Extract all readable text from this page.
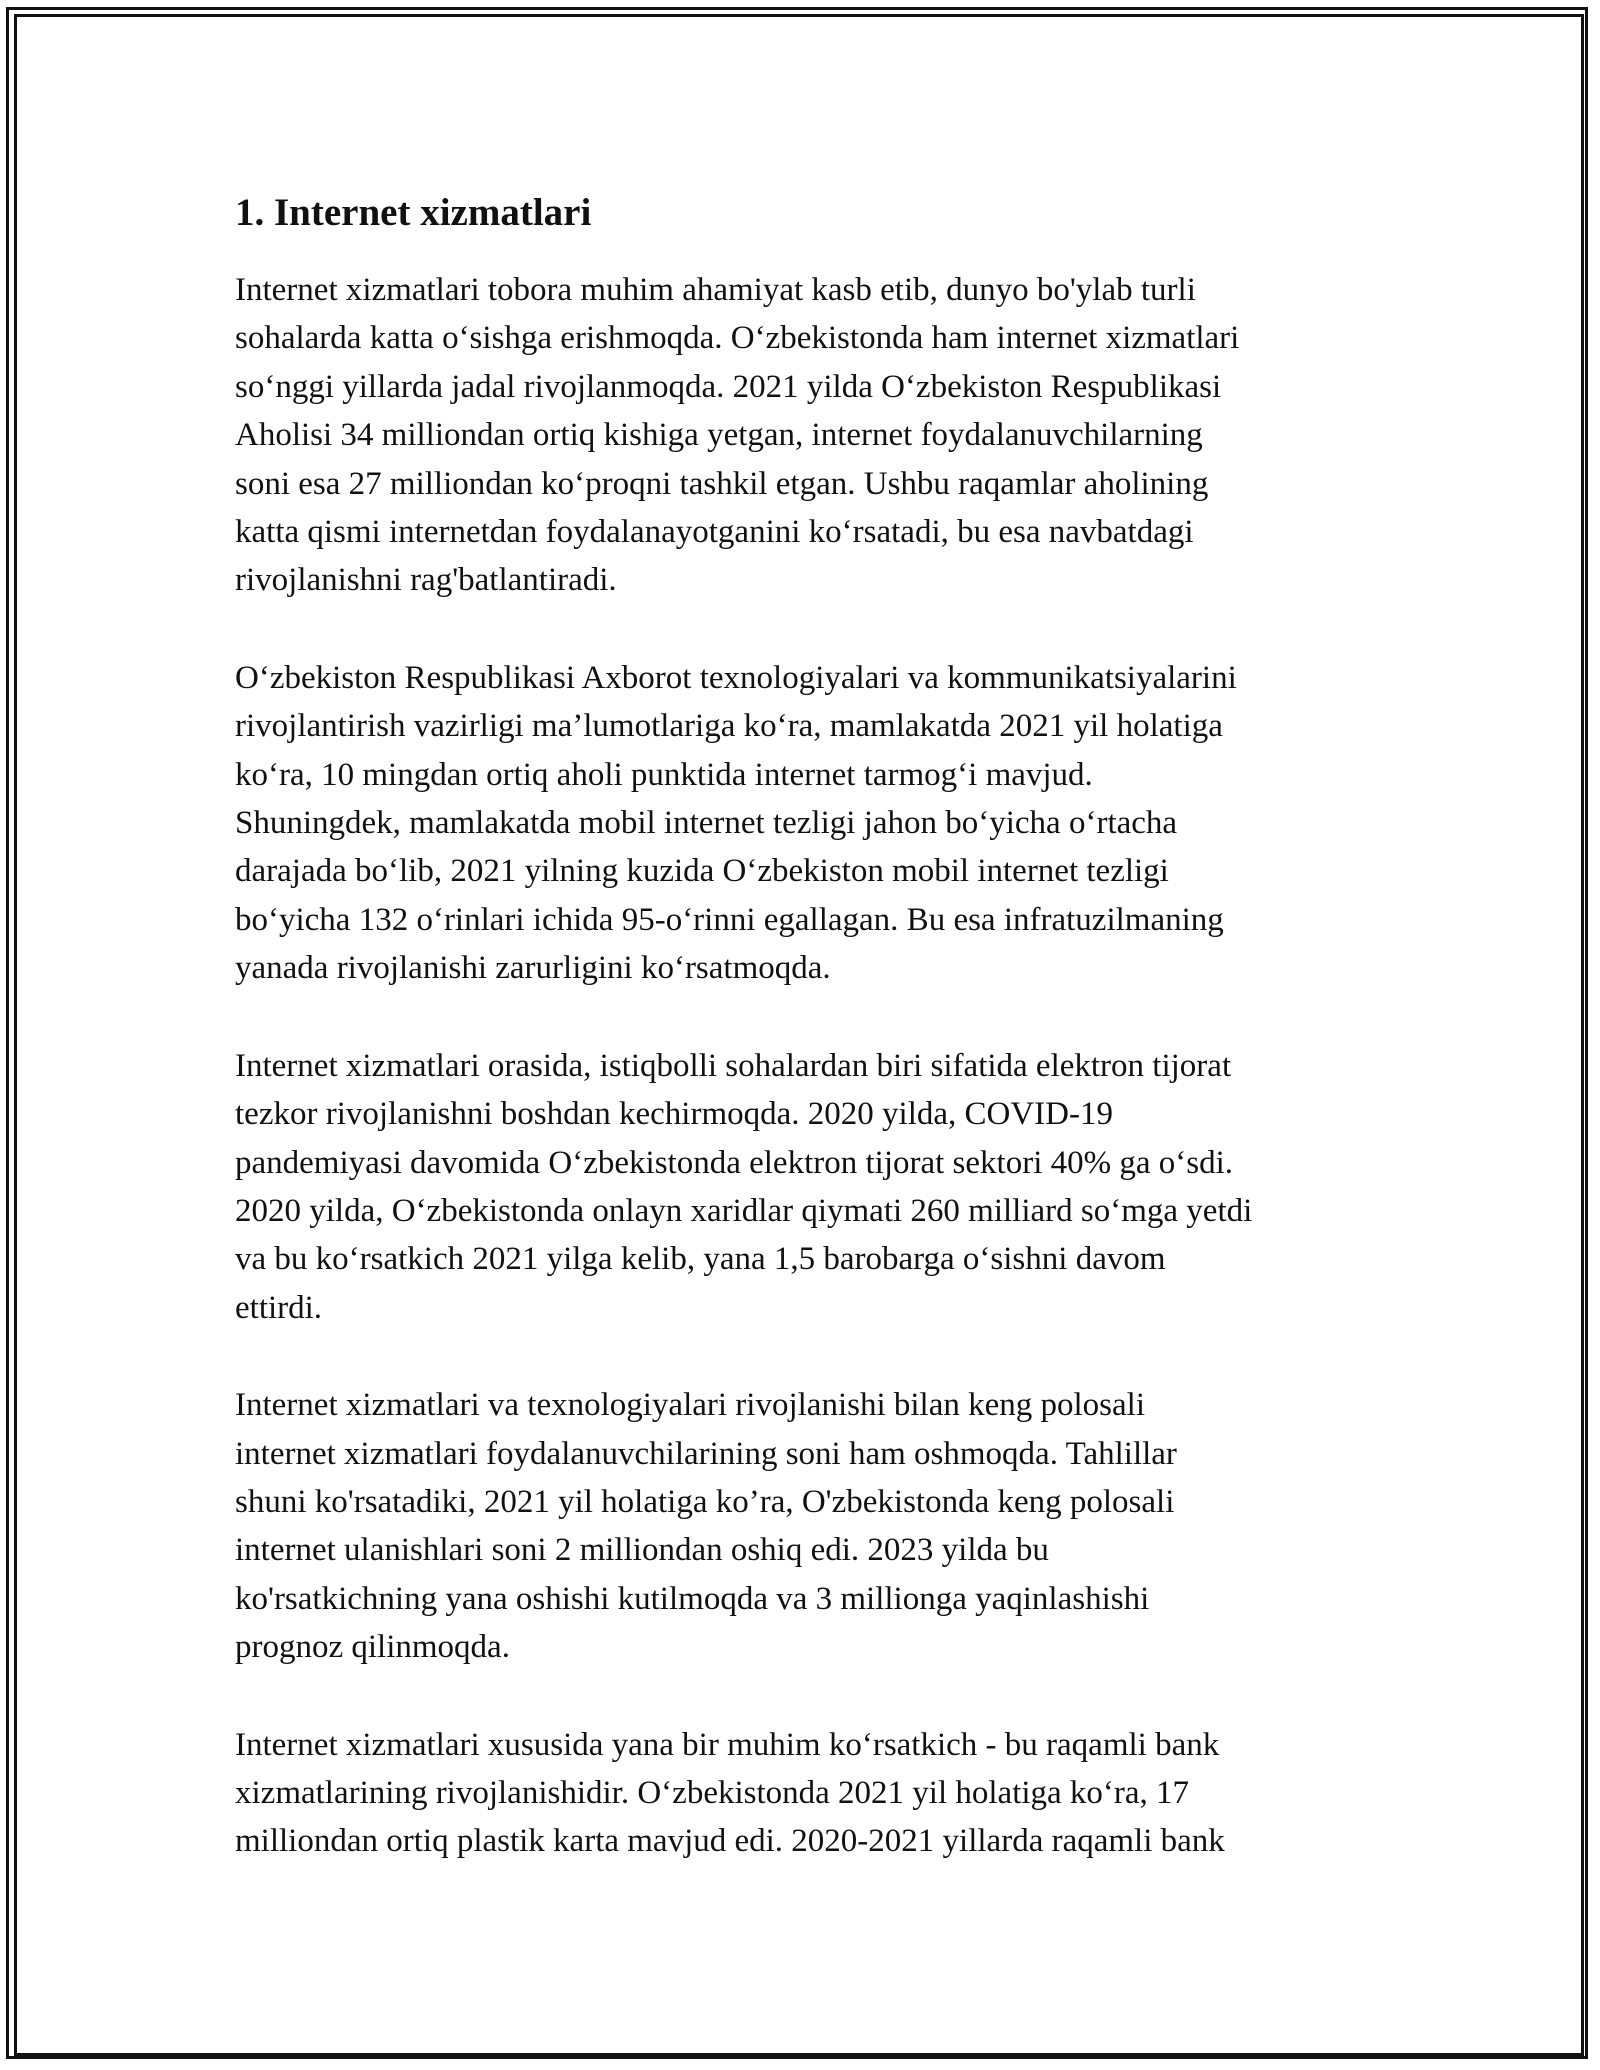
1. Internet xizmatlari
Internet xizmatlari tobora muhim ahamiyat kasb etib, dunyo bo'ylab turli
sohalarda katta o‘sishga erishmoqda. O‘zbekistonda ham internet xizmatlari
so‘nggi yillarda jadal rivojlanmoqda. 2021 yilda O‘zbekiston Respublikasi
Aholisi 34 milliondan ortiq kishiga yetgan, internet foydalanuvchilarning
soni esa 27 milliondan ko‘proqni tashkil etgan. Ushbu raqamlar aholining
katta qismi internetdan foydalanayotganini ko‘rsatadi, bu esa navbatdagi
rivojlanishni rag'batlantiradi.
O‘zbekiston Respublikasi Axborot texnologiyalari va kommunikatsiyalarini
rivojlantirish vazirligi ma’lumotlariga ko‘ra, mamlakatda 2021 yil holatiga
ko‘ra, 10 mingdan ortiq aholi punktida internet tarmog‘i mavjud.
Shuningdek, mamlakatda mobil internet tezligi jahon bo‘yicha o‘rtacha
darajada bo‘lib, 2021 yilning kuzida O‘zbekiston mobil internet tezligi
bo‘yicha 132 o‘rinlari ichida 95-o‘rinni egallagan. Bu esa infratuzilmaning
yanada rivojlanishi zarurligini ko‘rsatmoqda.
Internet xizmatlari orasida, istiqbolli sohalardan biri sifatida elektron tijorat
tezkor rivojlanishni boshdan kechirmoqda. 2020 yilda, COVID-19
pandemiyasi davomida O‘zbekistonda elektron tijorat sektori 40% ga o‘sdi.
2020 yilda, O‘zbekistonda onlayn xaridlar qiymati 260 milliard so‘mga yetdi
va bu ko‘rsatkich 2021 yilga kelib, yana 1,5 barobarga o‘sishni davom
ettirdi.
Internet xizmatlari va texnologiyalari rivojlanishi bilan keng polosali
internet xizmatlari foydalanuvchilarining soni ham oshmoqda. Tahlillar
shuni ko'rsatadiki, 2021 yil holatiga ko’ra, O'zbekistonda keng polosali
internet ulanishlari soni 2 milliondan oshiq edi. 2023 yilda bu
ko'rsatkichning yana oshishi kutilmoqda va 3 millionga yaqinlashishi
prognoz qilinmoqda.
Internet xizmatlari xususida yana bir muhim ko‘rsatkich - bu raqamli bank
xizmatlarining rivojlanishidir. O‘zbekistonda 2021 yil holatiga ko‘ra, 17
milliondan ortiq plastik karta mavjud edi. 2020-2021 yillarda raqamli bank
